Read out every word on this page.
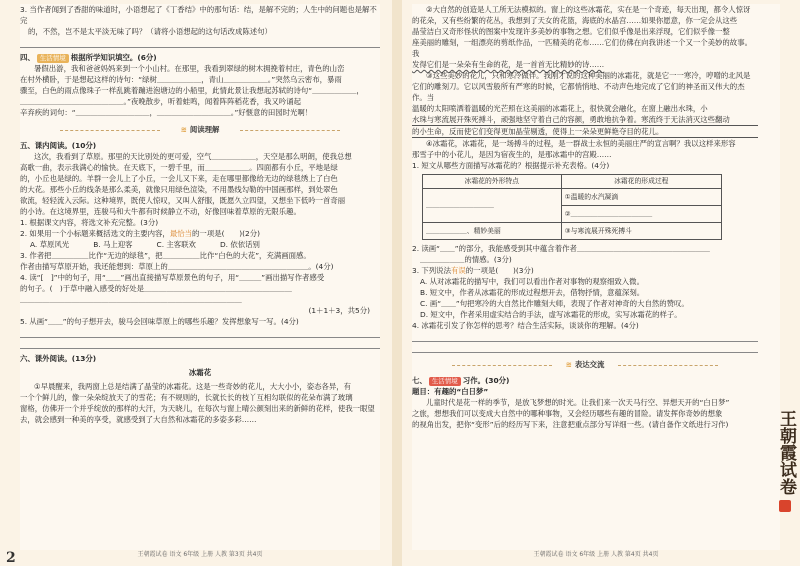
3. 当作者闻到了香甜的味道时，小语想起了《丁香结》中的那句话：结，是解不完的；人生中的问题也是解不完

的，不然，岂不是太平淡无味了吗？（请将小语想起的这句话改成陈述句）

四、 生活情境 根据所学知识填空。(6分)

暑假出游，我和爸爸妈妈来到一个小山村。在那里，我看到翠绿的树木拥挽着村庄，青色的山峦

在村外横卧，于是想起这样的诗句：“绿树＿＿＿＿＿＿，青山＿＿＿＿＿＿。”突然乌云密布，暴雨

骤至，白色的雨点像珠子一样乱跳着蹦进泡塘边的小船里，此情此景让我想起苏轼的诗句“＿＿＿＿＿＿，

＿＿＿＿＿＿＿＿＿＿＿＿＿＿。”夜晚散步，听着蛙鸣，闻着阵阵稻花香，我又吟诵起

辛弃疾的词句：“＿＿＿＿＿＿＿＿＿＿，＿＿＿＿＿＿＿＿＿＿。”好惬意的田园时光啊！

≋ 阅读理解

五、课内阅读。(10分)

这次，我看到了草原。那里的天比别处的更可爱，空气＿＿＿＿＿＿，天空是那么明朗，使我总想

高歌一曲，表示我满心的愉快。在天底下，一碧千里，而＿＿＿＿＿＿。四面都有小丘，平地是绿

的，小丘也是绿的。羊群一会儿上了小丘，一会儿又下来，走在哪里都像给无边的绿毯绣上了白色

的大花。那些小丘的线条是那么柔美，就像只用绿色渲染，不用墨线勾勒的中国画那样，到处翠色

欲流，轻轻流入云际。这种境界，既使人惊叹，又叫人舒服，既愿久立四望，又想坐下低吟一首奇丽

的小诗。在这境界里，连骏马和大牛都有时候静立不动，好像回味着草原的无限乐趣。

1. 根据课文内容，将选文补充完整。(3分)

2. 如果用一个小标题来概括选文的主要内容，最恰当的一项是(　　)(2分)

A. 草原风光	B. 马上迎客	C. 主客联欢	D. 依依话别

3. 作者把＿＿＿＿＿比作“无边的绿毯”，把＿＿＿＿＿比作“白色的大花”，充满画面感。

作者由描写草原开始，我还能想到：草原上的＿＿＿＿＿＿＿＿＿＿＿＿＿＿＿＿＿＿＿。(4分)

4. 读“[　]”中的句子，用“＿＿”画出直接描写草原景色的句子，用“＿＿＿”画出描写作者感受

的句子。(　)于草中融入感受的好处是＿＿＿＿＿＿＿＿＿＿＿＿＿＿＿＿＿＿＿＿

＿＿＿＿＿＿＿＿＿＿＿＿＿＿＿＿＿＿＿＿＿＿＿＿＿＿＿＿＿＿

(1＋1＋3，共5分)

5. 从画“＿＿”的句子想开去，骏马会回味草原上的哪些乐趣？发挥想象写一写。(4分)

六、课外阅读。(13分)

冰霜花

①早晨醒来，我两窗上总是结满了晶莹的冰霜花。这是一些奇妙的花儿，大大小小，姿态各异，有

一个个鲜儿的，像一朵朵绽放天了的雪花；有不规则的，长就长长的枝丫互相勾联似的花朵布满了玻璃

窗格，仿佛开一个并乎绽放的那样的大汗，为天晓儿，在每次与窗上晴公颜刻出来的新鲜的花样，使我一眼望

去，就会感到一种美的享受，就感受到了大自然和冰霜花的多姿多彩……

2	王朝霞试卷 语文 6年级 上册 人教 第3页 共4页

②大自然的创造是人工所无法模拟的。窗上的这些冰霜花，实在是一个奇迹，每天出现，都令人惊讶

的花朵，又有些纷繁的花丛，我想到了天女的花篮，海底的水晶宫……如果你愿意，你一定会从这些

晶莹洁白又奇形怪状的图案中发现许多美妙的事物之想。它们似乎像是出来浮现，它们似乎像一整

座美丽的雕刻，一组漂亮的剪纸作品，一匹精美的花布……它们仿佛在向我讲述一个又一个美妙的故事。我

发得它们是一朵朵有生命的花，是一首首无比精妙的诗……

③这些美妙的花儿，只和寒冷做伴。我刚才说的这种美丽的冰霜花，就是它一一寒冷，哼噌的北风是

它们的雕刻刀。它以风雪般所有严寒的时候，它都悄悄地、不动声色地完成了它们的神圣而又伟大的杰作。当

温暖的太阳喷洒着温暖的光芒照在这美丽的冰霜花上，很快就会融化，在窗上融出水珠，小

水珠与寒流展开殊死搏斗，顽强地坚守着自己的容颜，勇敢地抗争着。寒流终于无法消灭这些翻动

的小生命，反而使它们变得更加晶莹剔透，使得上一朵朵更鲜艳夺目的花儿。

④冰霜花，冰霜花，是一场搏斗的过程，是一群战士永恒的美丽庄严的宣言啊？我以这样来形容

那雪子中的小花儿，是因为宿夜生的，是那冰霜中的宫殿……

1. 短文从哪些方面描写冰霜花的？根据提示补充表格。(4分)

冰霜花的外形特点	冰霜花的形成过程
＿＿＿＿＿＿＿＿＿＿	①温暖的水汽凝滴
	②＿＿＿＿＿＿＿＿＿＿＿＿
＿＿＿＿＿＿、精妙美丽	③与寒流展开殊死搏斗

2. 读画“＿＿”的部分，我能感受到其中蕴含着作者＿＿＿＿＿＿＿＿＿＿＿＿＿＿＿＿＿＿

＿＿＿＿＿＿的情感。(3分)

3. 下列说法有误的一项是(　　)(3分)

A. 从对冰霜花的描写中，我们可以看出作者对事物的观察细致入微。

B. 短文中，作者从冰霜花的形成过程想开去，借物抒情，意蕴深刻。

C. 画“＿＿”句把寒冷的大自然比作雕刻大师，表现了作者对神奇的大自然的赞叹。

D. 短文中，作者采用虚实结合的手法，虚写冰霜花的形成，实写冰霜花的样子。

4. 冰霜花引发了你怎样的思考？结合生活实际，谈谈你的理解。(4分)

≋ 表达交流

七、 生活情境 习作。(30分)

题目：有趣的“白日梦”

儿童时代是花一样的季节，是放飞梦想的时光。让我们来一次天马行空、异想天开的“白日梦”

之旅，想想我们可以变成大自然中的哪种事物，又会经历哪些有趣的冒险。请发挥你奇妙的想象

的视角出发，把你“变形”后的经历写下来，注意把重点部分写详细一些。(请自备作文纸进行习作)

王朝霞试卷 语文 6年级 上册 人教 第4页 共4页
王朝霞试卷
